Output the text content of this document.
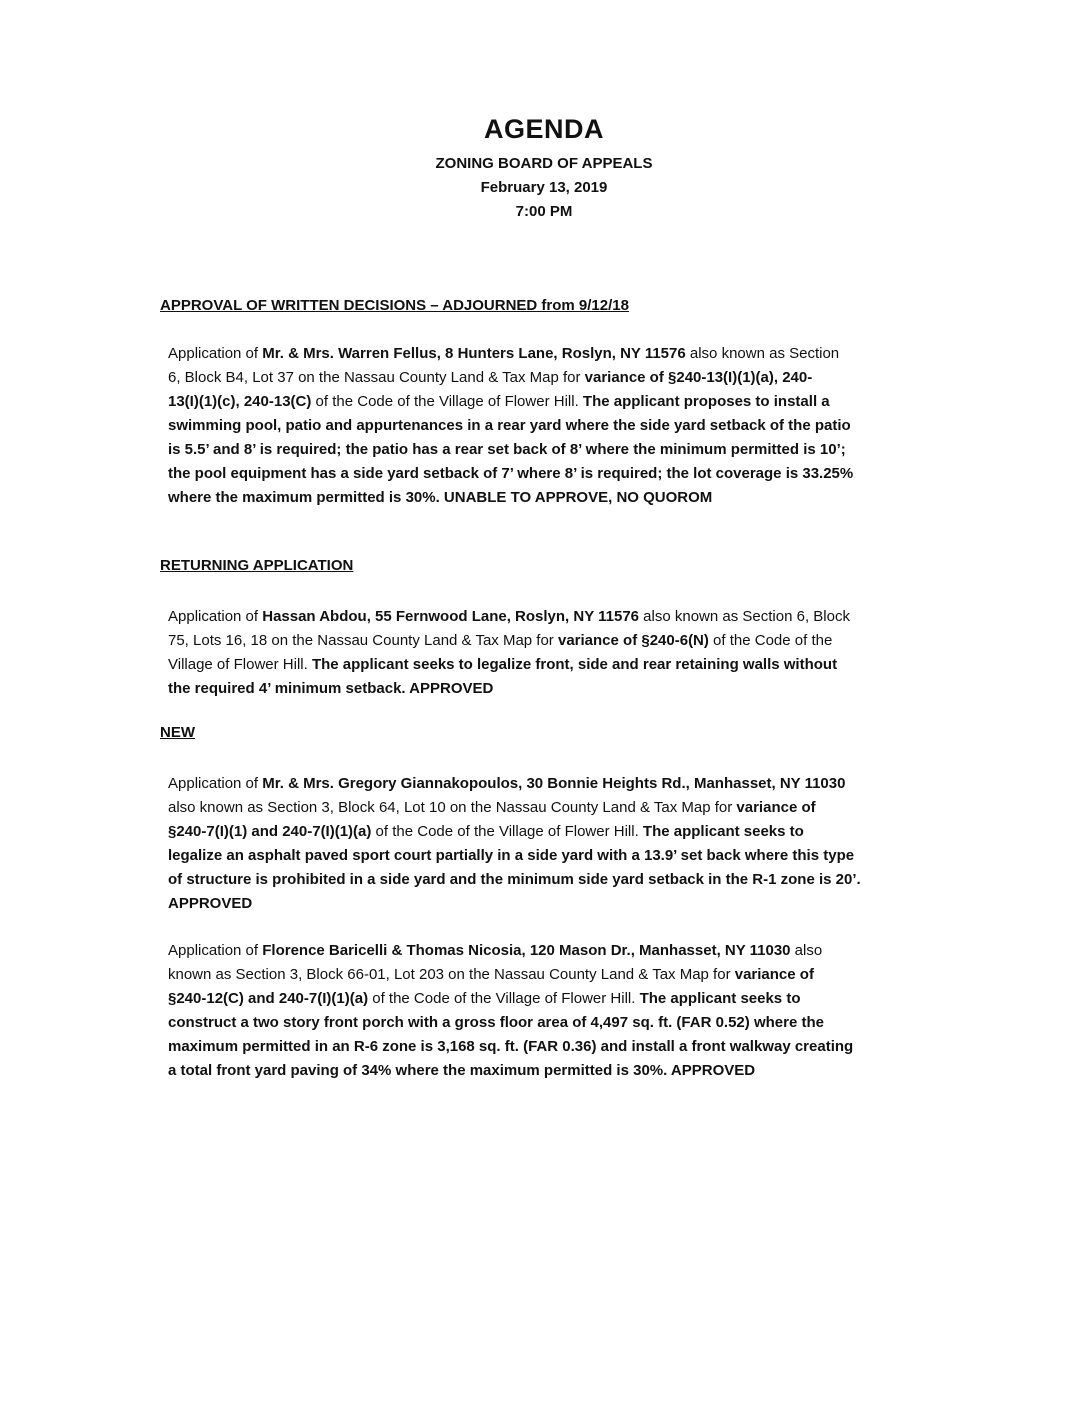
AGENDA
ZONING BOARD OF APPEALS
February 13, 2019
7:00 PM
APPROVAL OF WRITTEN DECISIONS – ADJOURNED from 9/12/18
Application of Mr. & Mrs. Warren Fellus, 8 Hunters Lane, Roslyn, NY 11576 also known as Section
6, Block B4, Lot 37 on the Nassau County Land & Tax Map for variance of §240-13(I)(1)(a), 240-
13(I)(1)(c), 240-13(C) of the Code of the Village of Flower Hill. The applicant proposes to install a
swimming pool, patio and appurtenances in a rear yard where the side yard setback of the patio
is 5.5’ and 8’ is required; the patio has a rear set back of 8’ where the minimum permitted is 10’;
the pool equipment has a side yard setback of 7’ where 8’ is required; the lot coverage is 33.25%
where the maximum permitted is 30%. UNABLE TO APPROVE, NO QUOROM
RETURNING APPLICATION
Application of Hassan Abdou, 55 Fernwood Lane, Roslyn, NY 11576 also known as Section 6, Block
75, Lots 16, 18 on the Nassau County Land & Tax Map for variance of §240-6(N) of the Code of the
Village of Flower Hill. The applicant seeks to legalize front, side and rear retaining walls without
the required 4’ minimum setback. APPROVED
NEW
Application of Mr. & Mrs. Gregory Giannakopoulos, 30 Bonnie Heights Rd., Manhasset, NY 11030
also known as Section 3, Block 64, Lot 10 on the Nassau County Land & Tax Map for variance of
§240-7(I)(1) and 240-7(I)(1)(a) of the Code of the Village of Flower Hill. The applicant seeks to
legalize an asphalt paved sport court partially in a side yard with a 13.9’ set back where this type
of structure is prohibited in a side yard and the minimum side yard setback in the R-1 zone is 20’.
APPROVED
Application of Florence Baricelli & Thomas Nicosia, 120 Mason Dr., Manhasset, NY 11030 also
known as Section 3, Block 66-01, Lot 203 on the Nassau County Land & Tax Map for variance of
§240-12(C) and 240-7(I)(1)(a) of the Code of the Village of Flower Hill. The applicant seeks to
construct a two story front porch with a gross floor area of 4,497 sq. ft. (FAR 0.52) where the
maximum permitted in an R-6 zone is 3,168 sq. ft. (FAR 0.36) and install a front walkway creating
a total front yard paving of 34% where the maximum permitted is 30%. APPROVED
